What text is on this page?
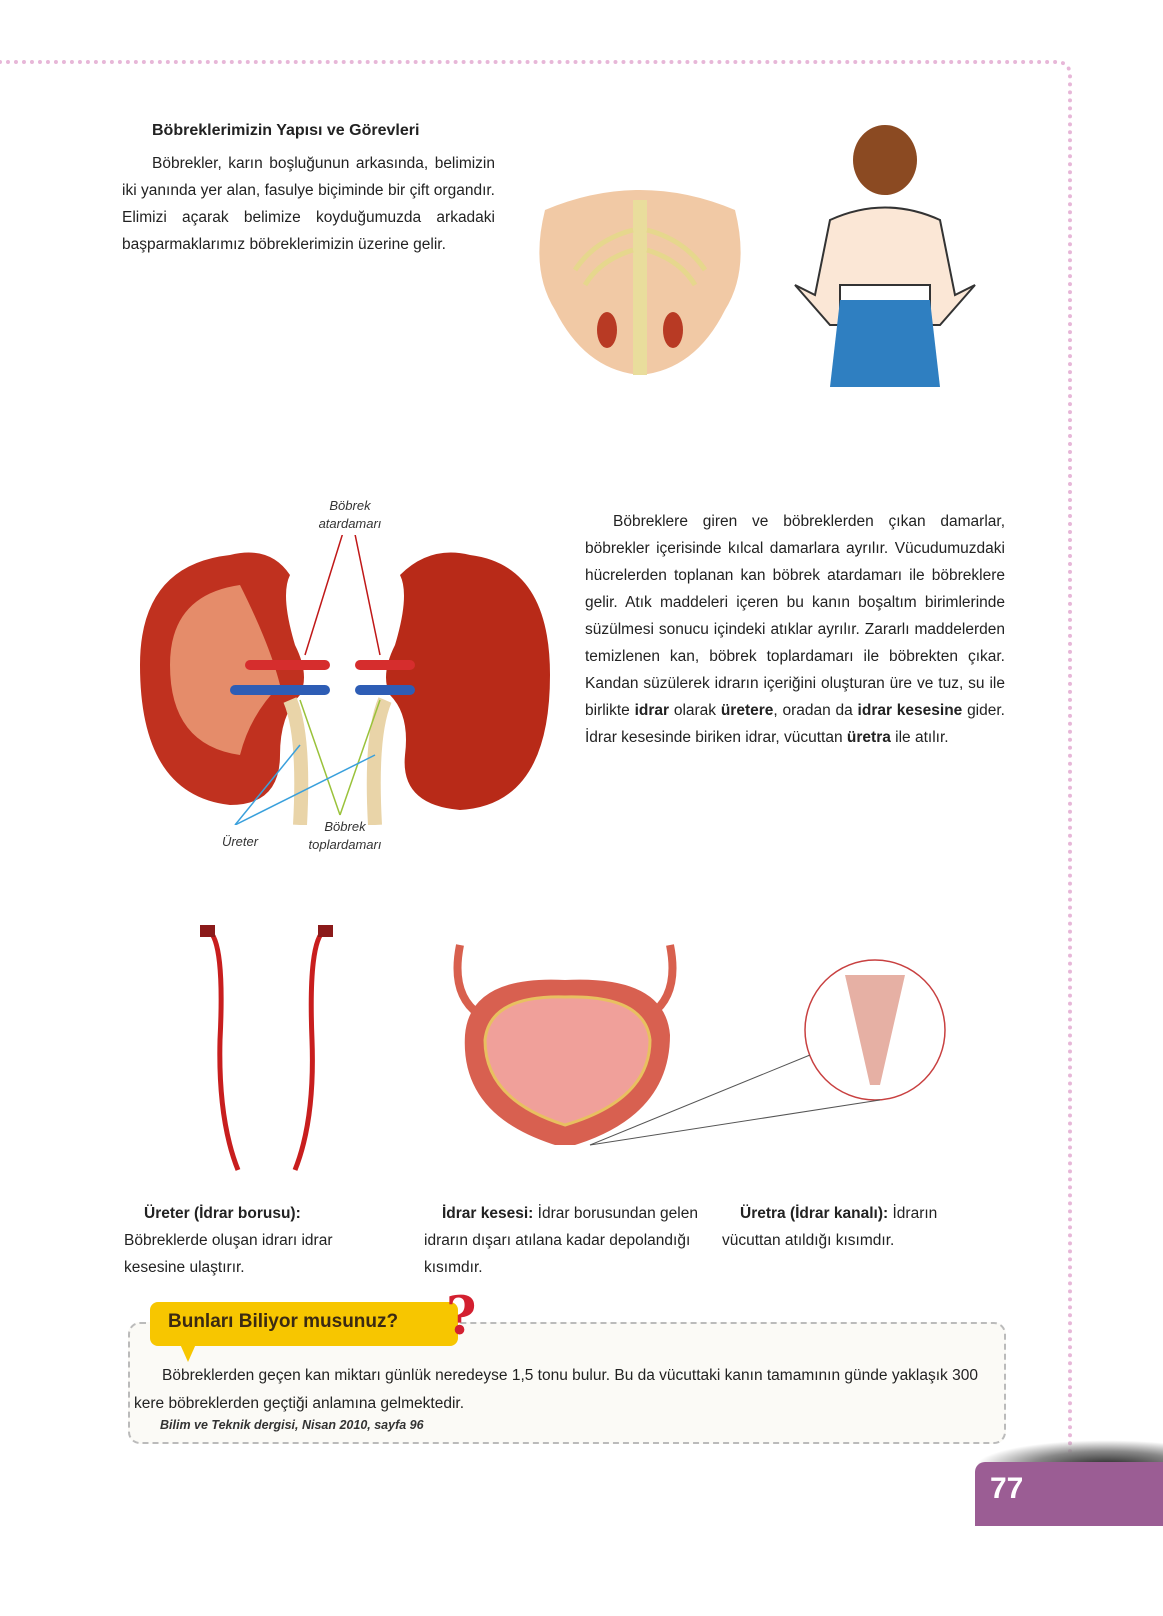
Böbreklerimizin Yapısı ve Görevleri
Böbrekler, karın boşluğunun arkasında, belimizin iki yanında yer alan, fasulye biçiminde bir çift organdır. Elimizi açarak belimize koyduğumuzda arkadaki başparmaklarımız böbreklerimizin üzerine gelir.
Böbrek atardamarı
Üreter
Böbrek toplardamarı
Böbreklere giren ve böbreklerden çıkan damarlar, böbrekler içerisinde kılcal damarlara ayrılır. Vücudumuzdaki hücrelerden toplanan kan böbrek atardamarı ile böbreklere gelir. Atık maddeleri içeren bu kanın boşaltım birimlerinde süzülmesi sonucu içindeki atıklar ayrılır. Zararlı maddelerden temizlenen kan, böbrek toplardamarı ile böbrekten çıkar. Kandan süzülerek idrarın içeriğini oluşturan üre ve tuz, su ile birlikte idrar olarak üretere, oradan da idrar kesesine gider. İdrar kesesinde biriken idrar, vücuttan üretra ile atılır.
Üreter (İdrar borusu):
Böbreklerde oluşan idrarı idrar kesesine ulaştırır.
İdrar kesesi: İdrar borusundan gelen idrarın dışarı atılana kadar depolandığı kısımdır.
Üretra (İdrar kanalı): İdrarın vücuttan atıldığı kısımdır.
Bunları Biliyor musunuz? ?
Böbreklerden geçen kan miktarı günlük neredeyse 1,5 tonu bulur. Bu da vücuttaki kanın tamamının günde yaklaşık 300 kere böbreklerden geçtiği anlamına gelmektedir.
Bilim ve Teknik dergisi, Nisan 2010, sayfa 96
77
